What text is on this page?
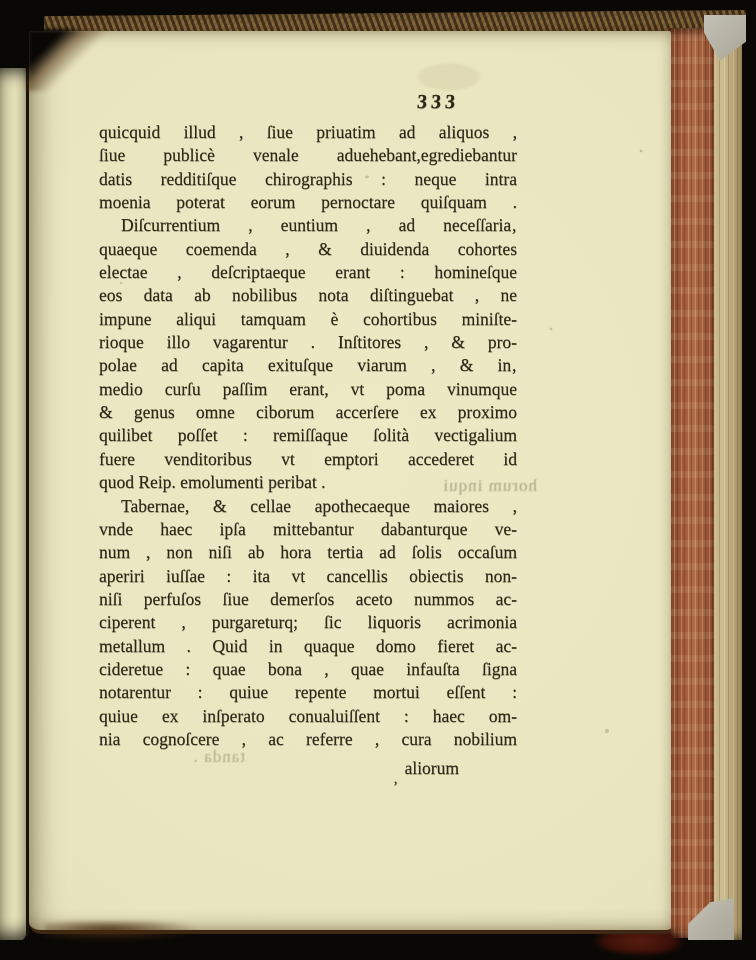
333
quicquid illud , ſiue priuatim ad aliquos ,
ſiue publicè venale aduehebant,egrediebantur
datis redditiſque chirographis : neque intra
moenia poterat eorum pernoctare quiſquam .
Diſcurrentium , euntium , ad neceſſaria‚
quaeque coemenda , & diuidenda cohortes
electae , deſcriptaeque erant : homineſque
eos data ab nobilibus nota diſtinguebat , ne
impune aliqui tamquam è cohortibus miniſte-
rioque illo vagarentur . Inſtitores , & pro-
polae ad capita exituſque viarum , & in‚
medio curſu paſſim erant, vt poma vinumque
& genus omne ciborum accerſere ex proximo
quilibet poſſet : remiſſaque ſolità vectigalium
fuere venditoribus vt emptori accederet id
quod Reip. emolumenti peribat .
Tabernae, & cellae apothecaeque maiores ,
vnde haec ipſa mittebantur dabanturque ve-
num , non niſi ab hora tertia ad ſolis occaſum
aperiri iuſſae : ita vt cancellis obiectis non-
niſi perfuſos ſiue demerſos aceto nummos ac-
ciperent , purgareturq; ſic liquoris acrimonia
metallum . Quid in quaque domo fieret ac-
cideretue : quae bona , quae infauſta ſigna
notarentur : quiue repente mortui eſſent :
quiue ex inſperato conualuiſſent : haec om-
nia cognoſcere , ac referre , cura nobilium
aliorum
’
horum inqui
tanda .
